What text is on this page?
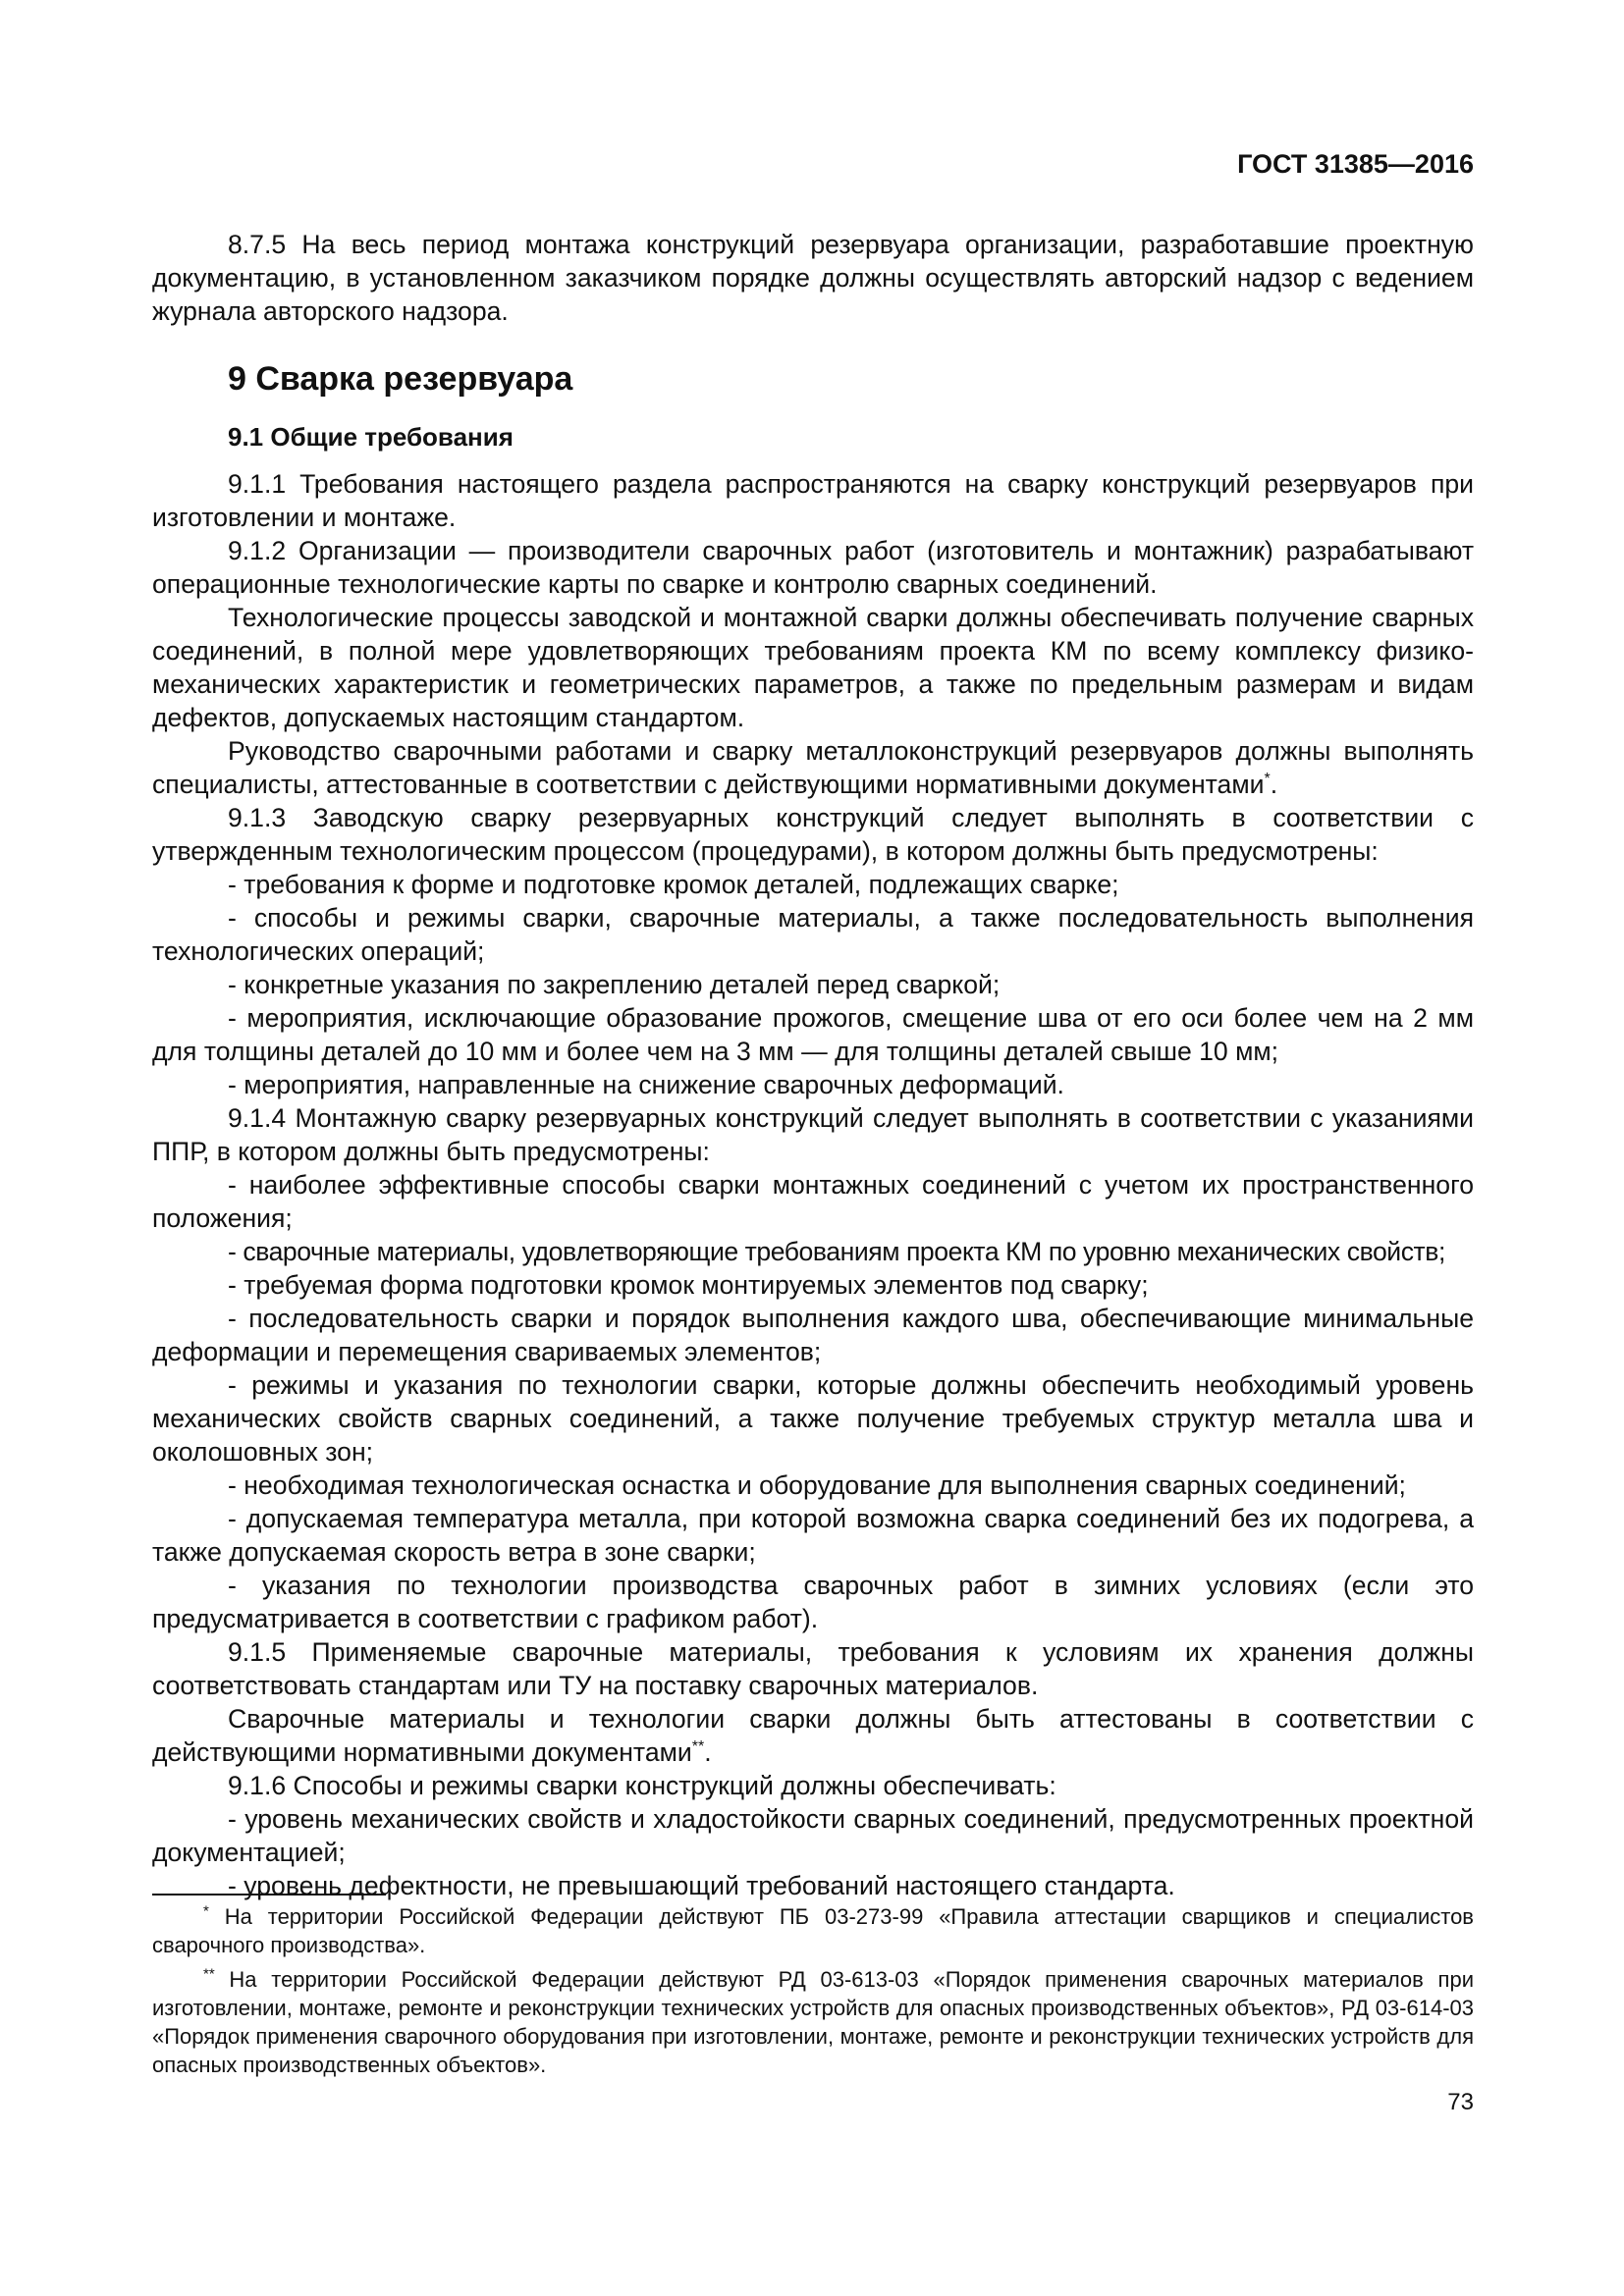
ГОСТ 31385—2016

8.7.5 На весь период монтажа конструкций резервуара организации, разработавшие проектную документацию, в установленном заказчиком порядке должны осуществлять авторский надзор с ведением журнала авторского надзора.

9 Сварка резервуара
9.1 Общие требования

9.1.1 Требования настоящего раздела распространяются на сварку конструкций резервуаров при изготовлении и монтаже.

9.1.2 Организации — производители сварочных работ (изготовитель и монтажник) разрабатывают операционные технологические карты по сварке и контролю сварных соединений.

Технологические процессы заводской и монтажной сварки должны обеспечивать получение сварных соединений, в полной мере удовлетворяющих требованиям проекта КМ по всему комплексу физико-механических характеристик и геометрических параметров, а также по предельным размерам и видам дефектов, допускаемых настоящим стандартом.

Руководство сварочными работами и сварку металлоконструкций резервуаров должны выполнять специалисты, аттестованные в соответствии с действующими нормативными документами*.

9.1.3 Заводскую сварку резервуарных конструкций следует выполнять в соответствии с утвержденным технологическим процессом (процедурами), в котором должны быть предусмотрены:

- требования к форме и подготовке кромок деталей, подлежащих сварке;

- способы и режимы сварки, сварочные материалы, а также последовательность выполнения технологических операций;

- конкретные указания по закреплению деталей перед сваркой;

- мероприятия, исключающие образование прожогов, смещение шва от его оси более чем на 2 мм для толщины деталей до 10 мм и более чем на 3 мм — для толщины деталей свыше 10 мм;

- мероприятия, направленные на снижение сварочных деформаций.

9.1.4 Монтажную сварку резервуарных конструкций следует выполнять в соответствии с указаниями ППР, в котором должны быть предусмотрены:

- наиболее эффективные способы сварки монтажных соединений с учетом их пространственного положения;

- сварочные материалы, удовлетворяющие требованиям проекта КМ по уровню механических свойств;

- требуемая форма подготовки кромок монтируемых элементов под сварку;

- последовательность сварки и порядок выполнения каждого шва, обеспечивающие минимальные деформации и перемещения свариваемых элементов;

- режимы и указания по технологии сварки, которые должны обеспечить необходимый уровень механических свойств сварных соединений, а также получение требуемых структур металла шва и околошовных зон;

- необходимая технологическая оснастка и оборудование для выполнения сварных соединений;

- допускаемая температура металла, при которой возможна сварка соединений без их подогрева, а также допускаемая скорость ветра в зоне сварки;

- указания по технологии производства сварочных работ в зимних условиях (если это предусматривается в соответствии с графиком работ).

9.1.5 Применяемые сварочные материалы, требования к условиям их хранения должны соответствовать стандартам или ТУ на поставку сварочных материалов.

Сварочные материалы и технологии сварки должны быть аттестованы в соответствии с действующими нормативными документами**.

9.1.6 Способы и режимы сварки конструкций должны обеспечивать:

- уровень механических свойств и хладостойкости сварных соединений, предусмотренных проектной документацией;

- уровень дефектности, не превышающий требований настоящего стандарта.

* На территории Российской Федерации действуют ПБ 03-273-99 «Правила аттестации сварщиков и специалистов сварочного производства».

** На территории Российской Федерации действуют РД 03-613-03 «Порядок применения сварочных материалов при изготовлении, монтаже, ремонте и реконструкции технических устройств для опасных производственных объектов», РД 03-614-03 «Порядок применения сварочного оборудования при изготовлении, монтаже, ремонте и реконструкции технических устройств для опасных производственных объектов».

73
